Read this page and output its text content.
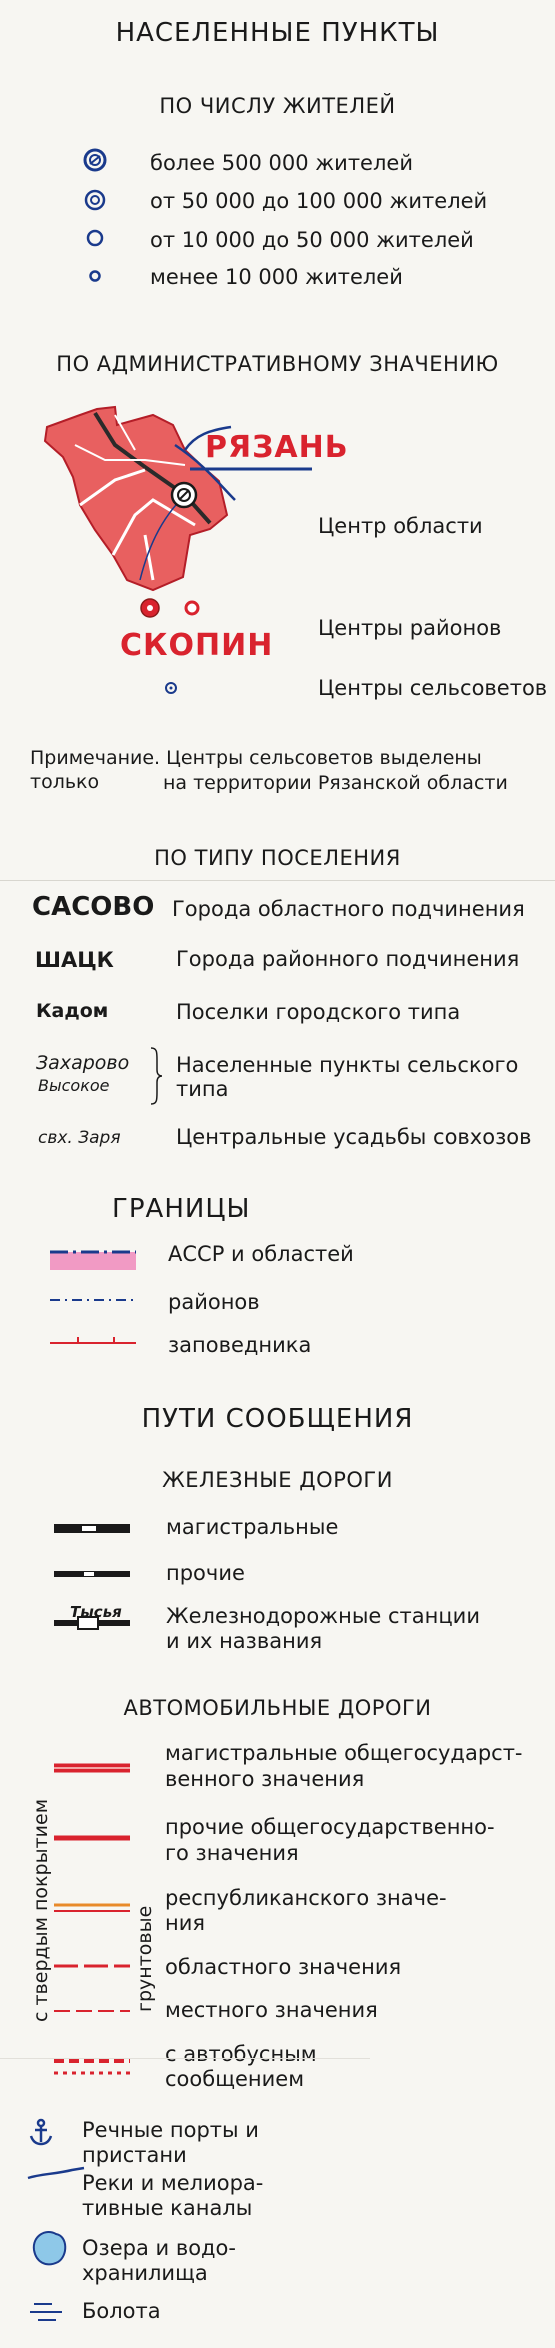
НАСЕЛЕННЫЕ ПУНКТЫ
ПО ЧИСЛУ ЖИТЕЛЕЙ
более 500 000 жителей
от 50 000 до 100 000 жителей
от 10 000 до 50 000 жителей
менее 10 000 жителей
ПО АДМИНИСТРАТИВНОМУ ЗНАЧЕНИЮ
РЯЗАНЬ
Центр области
СКОПИН Центры районов
Центры сельсоветов
Примечание. Центры сельсоветов выделены только	на территории Рязанской области
ПО ТИПУ ПОСЕЛЕНИЯ
САСОВО
ШАЦК
Кадом
Захарово
Высокое
свх. Заря
Города областного подчинения
Города районного подчинения
Поселки городского типа
Населенные пункты сельского
типа
Центральные усадьбы совхозов
ГРАНИЦЫ
АССР и областей
районов
заповедника
ПУТИ СООБЩЕНИЯ
ЖЕЛЕЗНЫЕ ДОРОГИ
магистральные
прочие
Тысья Железнодорожные станции
и их названия
АВТОМОБИЛЬНЫЕ ДОРОГИ
с твердым покрытием	грунтовые
магистральные общегосударст-
венного значения
прочие общегосударственно-
го значения
республиканского значе-
ния
областного значения
местного значения
с автобусным
сообщением
Речные порты и
пристани
Реки и мелиора-
тивные каналы
Озера и водо-
хранилища
Болота
